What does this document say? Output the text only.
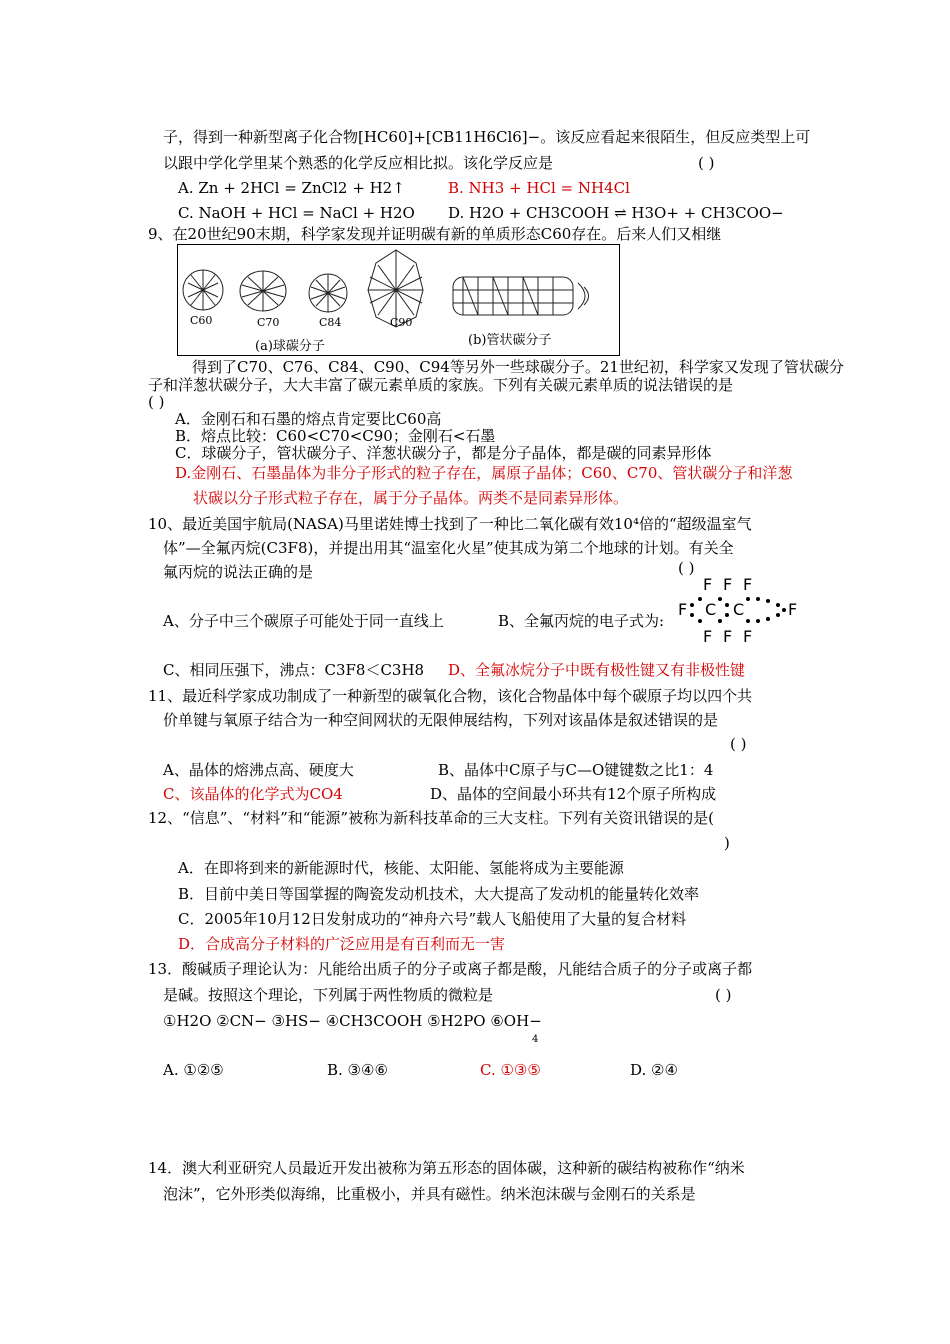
子，得到一种新型离子化合物[HC60]+[CB11H6Cl6]−。该反应看起来很陌生，但反应类型上可
以跟中学化学里某个熟悉的化学反应相比拟。该化学反应是	( )
A. Zn + 2HCl = ZnCl2 + H2↑	B. NH3 + HCl = NH4Cl
C. NaOH + HCl = NaCl + H2O D. H2O + CH3COOH ⇌ H3O+ + CH3COO−
9、在20世纪90末期，科学家发现并证明碳有新的单质形态C60存在。后来人们又相继
C60	C70	C84	C90
(a)球碳分子	(b)管状碳分子
得到了C70、C76、C84、C90、C94等另外一些球碳分子。21世纪初，科学家又发现了管状碳分
子和洋葱状碳分子，大大丰富了碳元素单质的家族。下列有关碳元素单质的说法错误的是
( )
A．金刚石和石墨的熔点肯定要比C60高
B．熔点比较：C60<C70<C90；金刚石<石墨
C．球碳分子，管状碳分子、洋葱状碳分子，都是分子晶体，都是碳的同素异形体
D.金刚石、石墨晶体为非分子形式的粒子存在，属原子晶体；C60、C70、管状碳分子和洋葱
状碳以分子形式粒子存在，属于分子晶体。两类不是同素异形体。
10、最近美国宇航局(NASA)马里诺娃博士找到了一种比二氧化碳有效10⁴倍的“超级温室气
体”—全氟丙烷(C3F8)，并提出用其“温室化火星”使其成为第二个地球的计划。有关全
氟丙烷的说法正确的是	( )
A、分子中三个碳原子可能处于同一直线上	B、全氟丙烷的电子式为:
F F F
F C C	F
F F F
C、相同压强下，沸点：C3F8＜C3H8 D、全氟冰烷分子中既有极性键又有非极性键
11、最近科学家成功制成了一种新型的碳氧化合物，该化合物晶体中每个碳原子均以四个共
价单键与氧原子结合为一种空间网状的无限伸展结构，下列对该晶体是叙述错误的是
( )
A、晶体的熔沸点高、硬度大	B、晶体中C原子与C—O键键数之比1：4
C、该晶体的化学式为CO4	D、晶体的空间最小环共有12个原子所构成
12、“信息”、“材料”和“能源”被称为新科技革命的三大支柱。下列有关资讯错误的是(
)
A．在即将到来的新能源时代，核能、太阳能、氢能将成为主要能源
B．目前中美日等国掌握的陶瓷发动机技术，大大提高了发动机的能量转化效率
C．2005年10月12日发射成功的“神舟六号”载人飞船使用了大量的复合材料
D．合成高分子材料的广泛应用是有百利而无一害
13．酸碱质子理论认为：凡能给出质子的分子或离子都是酸，凡能结合质子的分子或离子都
是碱。按照这个理论，下列属于两性物质的微粒是	( )
①H2O ②CN− ③HS− ④CH3COOH ⑤H2PO ⑥OH−
4
A. ①②⑤	B. ③④⑥	C. ①③⑤	D. ②④
14．澳大利亚研究人员最近开发出被称为第五形态的固体碳，这种新的碳结构被称作“纳米
泡沫”，它外形类似海绵，比重极小，并具有磁性。纳米泡沫碳与金刚石的关系是
